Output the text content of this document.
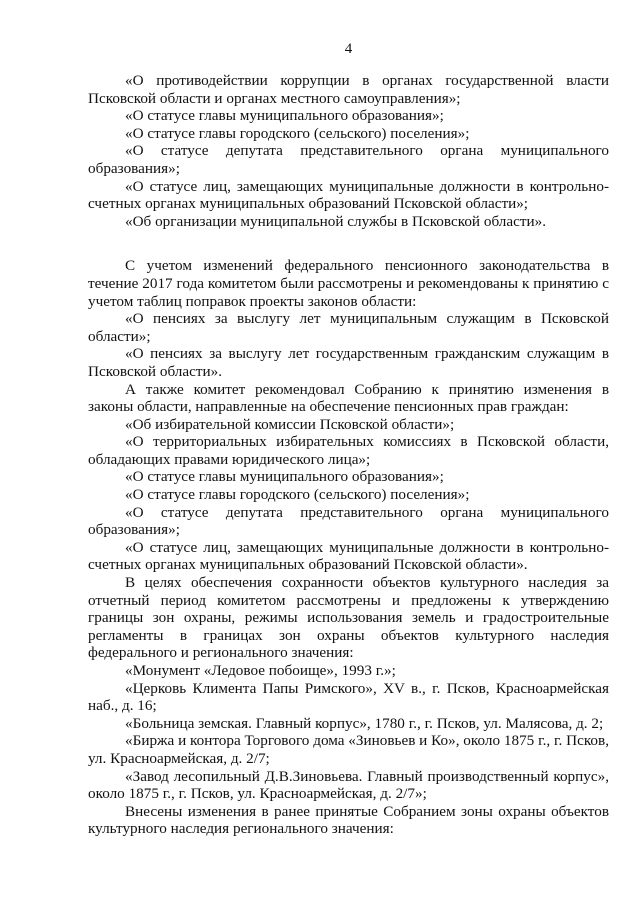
4

«О противодействии коррупции в органах государственной власти Псковской области и органах местного самоуправления»;

«О статусе главы муниципального образования»;

«О статусе главы городского (сельского) поселения»;

«О статусе депутата представительного органа муниципального образования»;

«О статусе лиц, замещающих муниципальные должности в контрольно-счетных органах муниципальных образований Псковской области»;

«Об организации муниципальной службы в Псковской области».

С учетом изменений федерального пенсионного законодательства в течение 2017 года комитетом были рассмотрены и рекомендованы к принятию с учетом таблиц поправок проекты законов области:

«О пенсиях за выслугу лет муниципальным служащим в Псковской области»;

«О пенсиях за выслугу лет государственным гражданским служащим в Псковской области».

А также комитет рекомендовал Собранию к принятию изменения в законы области, направленные на обеспечение пенсионных прав граждан:

«Об избирательной комиссии Псковской области»;

«О территориальных избирательных комиссиях в Псковской области, обладающих правами юридического лица»;

«О статусе главы муниципального образования»;

«О статусе главы городского (сельского) поселения»;

«О статусе депутата представительного органа муниципального образования»;

«О статусе лиц, замещающих муниципальные должности в контрольно-счетных органах муниципальных образований Псковской области».

В целях обеспечения сохранности объектов культурного наследия за отчетный период комитетом рассмотрены и предложены к утверждению границы зон охраны, режимы использования земель и градостроительные регламенты в границах зон охраны объектов культурного наследия федерального и регионального значения:

«Монумент «Ледовое побоище», 1993 г.»;

«Церковь Климента Папы Римского», XV в., г. Псков, Красноармейская наб., д. 16;

«Больница земская. Главный корпус», 1780 г., г. Псков, ул. Малясова, д. 2;

«Биржа и контора Торгового дома «Зиновьев и Ко», около 1875 г., г. Псков, ул. Красноармейская, д. 2/7;

«Завод лесопильный Д.В.Зиновьева. Главный производственный корпус», около 1875 г., г. Псков, ул. Красноармейская, д. 2/7»;

Внесены изменения в ранее принятые Собранием зоны охраны объектов культурного наследия регионального значения:
